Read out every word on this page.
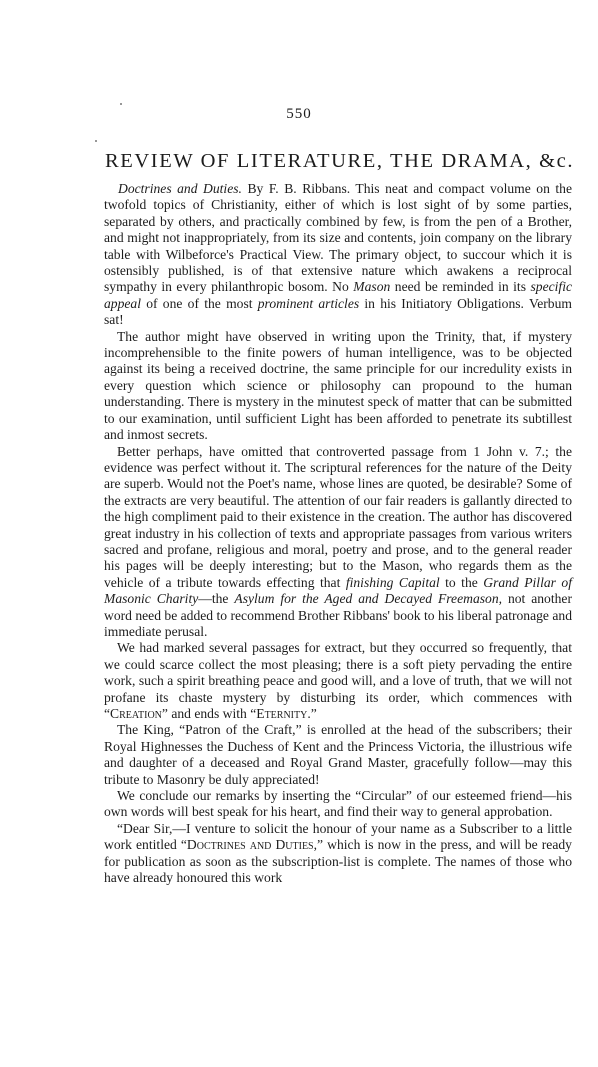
550
REVIEW OF LITERATURE, THE DRAMA, &c.

Doctrines and Duties. By F. B. Ribbans. This neat and compact volume on the twofold topics of Christianity, either of which is lost sight of by some parties, separated by others, and practically combined by few, is from the pen of a Brother, and might not inappropriately, from its size and contents, join company on the library table with Wilbeforce's Practical View. The primary object, to succour which it is ostensibly published, is of that extensive nature which awakens a reciprocal sympathy in every philanthropic bosom. No Mason need be reminded in its specific appeal of one of the most prominent articles in his Initiatory Obligations. Verbum sat!

The author might have observed in writing upon the Trinity, that, if mystery incomprehensible to the finite powers of human intelligence, was to be objected against its being a received doctrine, the same principle for our incredulity exists in every question which science or philosophy can propound to the human understanding. There is mystery in the minutest speck of matter that can be submitted to our examination, until sufficient Light has been afforded to penetrate its subtillest and inmost secrets.

Better perhaps, have omitted that controverted passage from 1 John v. 7.; the evidence was perfect without it. The scriptural references for the nature of the Deity are superb. Would not the Poet's name, whose lines are quoted, be desirable? Some of the extracts are very beautiful. The attention of our fair readers is gallantly directed to the high compliment paid to their existence in the creation. The author has discovered great industry in his collection of texts and appropriate passages from various writers sacred and profane, religious and moral, poetry and prose, and to the general reader his pages will be deeply interesting; but to the Mason, who regards them as the vehicle of a tribute towards effecting that finishing Capital to the Grand Pillar of Masonic Charity—the Asylum for the Aged and Decayed Freemason, not another word need be added to recommend Brother Ribbans' book to his liberal patronage and immediate perusal.

We had marked several passages for extract, but they occurred so frequently, that we could scarce collect the most pleasing; there is a soft piety pervading the entire work, such a spirit breathing peace and good will, and a love of truth, that we will not profane its chaste mystery by disturbing its order, which commences with “Creation” and ends with “Eternity.”

The King, “Patron of the Craft,” is enrolled at the head of the subscribers; their Royal Highnesses the Duchess of Kent and the Princess Victoria, the illustrious wife and daughter of a deceased and Royal Grand Master, gracefully follow—may this tribute to Masonry be duly appreciated!

We conclude our remarks by inserting the “Circular” of our esteemed friend—his own words will best speak for his heart, and find their way to general approbation.

“Dear Sir,—I venture to solicit the honour of your name as a Subscriber to a little work entitled “Doctrines and Duties,” which is now in the press, and will be ready for publication as soon as the subscription-list is complete. The names of those who have already honoured this work
